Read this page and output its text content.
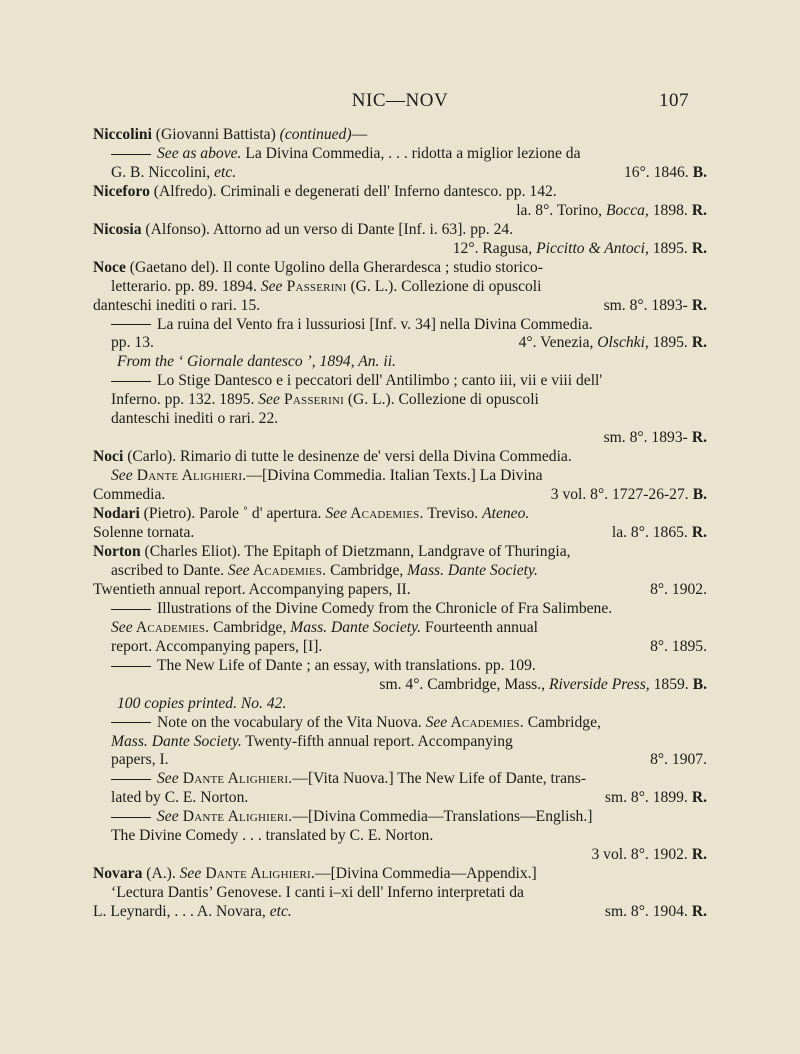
NIC—NOV	107
Niccolini (Giovanni Battista) (continued)—
See as above. La Divina Commedia, . . . ridotta a miglior lezione da
G. B. Niccolini, etc.	16°. 1846. B.
Niceforo (Alfredo). Criminali e degenerati dell' Inferno dantesco. pp. 142.
la. 8°. Torino, Bocca, 1898. R.
Nicosia (Alfonso). Attorno ad un verso di Dante [Inf. i. 63]. pp. 24.
12°. Ragusa, Piccitto & Antoci, 1895. R.
Noce (Gaetano del). Il conte Ugolino della Gherardesca ; studio storico-
letterario. pp. 89. 1894. See Passerini (G. L.). Collezione di opuscoli
danteschi inediti o rari. 15.	sm. 8°. 1893- R.
La ruina del Vento fra i lussuriosi [Inf. v. 34] nella Divina Commedia.
pp. 13.	4°. Venezia, Olschki, 1895. R.
From the ‘ Giornale dantesco ’, 1894, An. ii.
Lo Stige Dantesco e i peccatori dell' Antilimbo ; canto iii, vii e viii dell'
Inferno. pp. 132. 1895. See Passerini (G. L.). Collezione di opuscoli
danteschi inediti o rari. 22.
sm. 8°. 1893- R.
Noci (Carlo). Rimario di tutte le desinenze de' versi della Divina Commedia.
See Dante Alighieri.—[Divina Commedia. Italian Texts.] La Divina
Commedia.	3 vol. 8°. 1727-26-27. B.
Nodari (Pietro). Parole ˚ d' apertura. See Academies. Treviso. Ateneo.
Solenne tornata.	la. 8°. 1865. R.
Norton (Charles Eliot). The Epitaph of Dietzmann, Landgrave of Thuringia,
ascribed to Dante. See Academies. Cambridge, Mass. Dante Society.
Twentieth annual report. Accompanying papers, II.	8°. 1902.
Illustrations of the Divine Comedy from the Chronicle of Fra Salimbene.
See Academies. Cambridge, Mass. Dante Society. Fourteenth annual
report. Accompanying papers, [I].	8°. 1895.
The New Life of Dante ; an essay, with translations. pp. 109.
sm. 4°. Cambridge, Mass., Riverside Press, 1859. B.
100 copies printed. No. 42.
Note on the vocabulary of the Vita Nuova. See Academies. Cambridge,
Mass. Dante Society. Twenty-fifth annual report. Accompanying
papers, I.	8°. 1907.
See Dante Alighieri.—[Vita Nuova.] The New Life of Dante, trans-
lated by C. E. Norton.	sm. 8°. 1899. R.
See Dante Alighieri.—[Divina Commedia—Translations—English.]
The Divine Comedy . . . translated by C. E. Norton.
3 vol. 8°. 1902. R.
Novara (A.). See Dante Alighieri.—[Divina Commedia—Appendix.]
‘Lectura Dantis’ Genovese. I canti i–xi dell' Inferno interpretati da
L. Leynardi, . . . A. Novara, etc.	sm. 8°. 1904. R.
